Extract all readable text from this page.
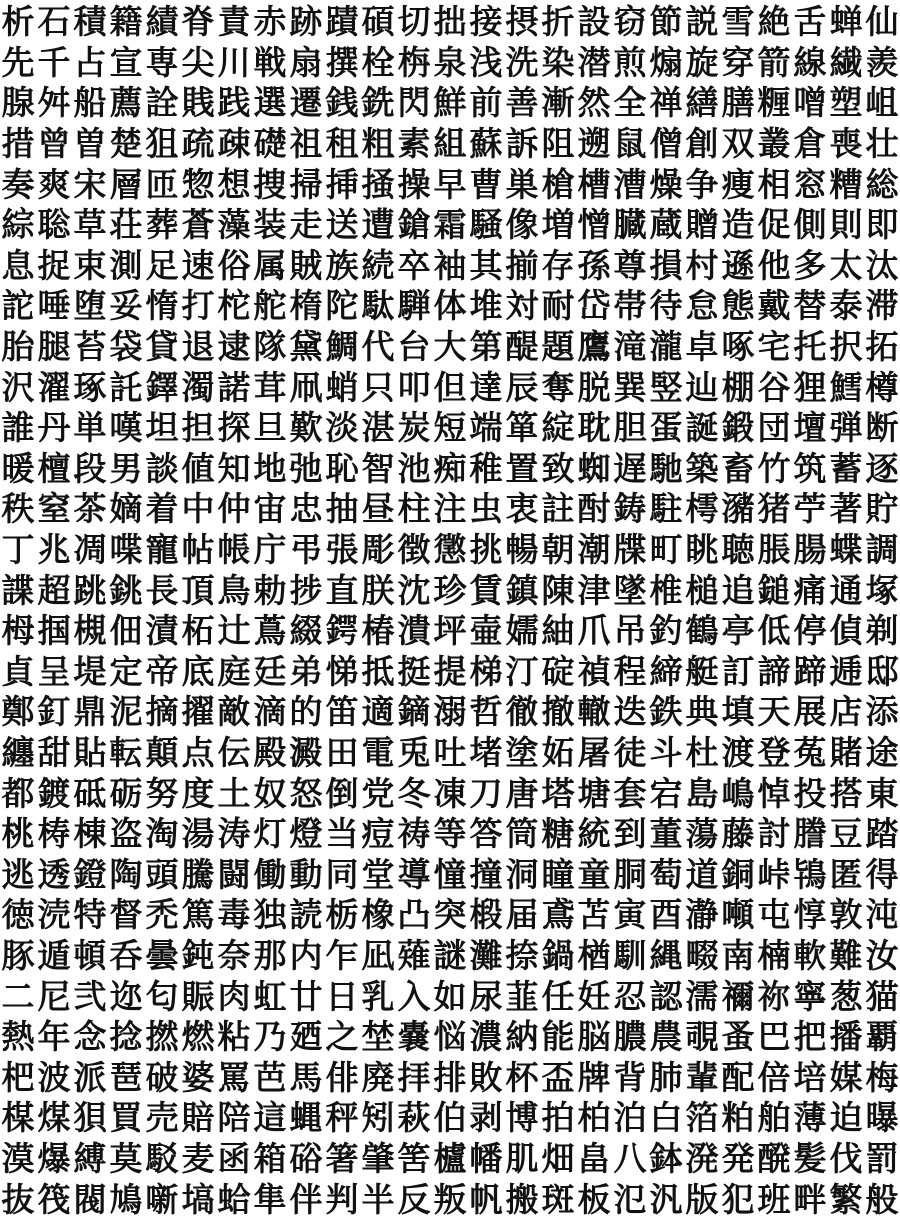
析 石 積 籍 績 脊 責 赤 跡 蹟 碩 切 拙 接 摂 折 設 窃 節 説 雪 絶 舌 蝉 仙
先 千 占 宣 専 尖 川 戦 扇 撰 栓 栴 泉 浅 洗 染 潜 煎 煽 旋 穿 箭 線 繊 羨
腺 舛 船 薦 詮 賎 践 選 遷 銭 銑 閃 鮮 前 善 漸 然 全 禅 繕 膳 糎 噌 塑 岨
措 曾 曽 楚 狙 疏 疎 礎 祖 租 粗 素 組 蘇 訴 阻 遡 鼠 僧 創 双 叢 倉 喪 壮
奏 爽 宋 層 匝 惣 想 捜 掃 挿 掻 操 早 曹 巣 槍 槽 漕 燥 争 痩 相 窓 糟 総
綜 聡 草 荘 葬 蒼 藻 装 走 送 遭 鎗 霜 騒 像 増 憎 臓 蔵 贈 造 促 側 則 即
息 捉 束 測 足 速 俗 属 賊 族 続 卒 袖 其 揃 存 孫 尊 損 村 遜 他 多 太 汰
詑 唾 堕 妥 惰 打 柁 舵 楕 陀 駄 騨 体 堆 対 耐 岱 帯 待 怠 態 戴 替 泰 滞
胎 腿 苔 袋 貸 退 逮 隊 黛 鯛 代 台 大 第 醍 題 鷹 滝 瀧 卓 啄 宅 托 択 拓
沢 濯 琢 託 鐸 濁 諾 茸 凧 蛸 只 叩 但 達 辰 奪 脱 巽 竪 辿 棚 谷 狸 鱈 樽
誰 丹 単 嘆 坦 担 探 旦 歎 淡 湛 炭 短 端 箪 綻 耽 胆 蛋 誕 鍛 団 壇 弾 断
暖 檀 段 男 談 値 知 地 弛 恥 智 池 痴 稚 置 致 蜘 遅 馳 築 畜 竹 筑 蓄 逐
秩 窒 茶 嫡 着 中 仲 宙 忠 抽 昼 柱 注 虫 衷 註 酎 鋳 駐 樗 瀦 猪 苧 著 貯
丁 兆 凋 喋 寵 帖 帳 庁 弔 張 彫 徴 懲 挑 暢 朝 潮 牒 町 眺 聴 脹 腸 蝶 調
諜 超 跳 銚 長 頂 鳥 勅 捗 直 朕 沈 珍 賃 鎮 陳 津 墜 椎 槌 追 鎚 痛 通 塚
栂 掴 槻 佃 漬 柘 辻 蔦 綴 鍔 椿 潰 坪 壷 嬬 紬 爪 吊 釣 鶴 亭 低 停 偵 剃
貞 呈 堤 定 帝 底 庭 廷 弟 悌 抵 挺 提 梯 汀 碇 禎 程 締 艇 訂 諦 蹄 逓 邸
鄭 釘 鼎 泥 摘 擢 敵 滴 的 笛 適 鏑 溺 哲 徹 撤 轍 迭 鉄 典 填 天 展 店 添
纏 甜 貼 転 顛 点 伝 殿 澱 田 電 兎 吐 堵 塗 妬 屠 徒 斗 杜 渡 登 菟 賭 途
都 鍍 砥 砺 努 度 土 奴 怒 倒 党 冬 凍 刀 唐 塔 塘 套 宕 島 嶋 悼 投 搭 東
桃 梼 棟 盗 淘 湯 涛 灯 燈 当 痘 祷 等 答 筒 糖 統 到 董 蕩 藤 討 謄 豆 踏
逃 透 鐙 陶 頭 騰 闘 働 動 同 堂 導 憧 撞 洞 瞳 童 胴 萄 道 銅 峠 鴇 匿 得
徳 涜 特 督 禿 篤 毒 独 読 栃 橡 凸 突 椴 届 鳶 苫 寅 酉 瀞 噸 屯 惇 敦 沌
豚 遁 頓 呑 曇 鈍 奈 那 内 乍 凪 薙 謎 灘 捺 鍋 楢 馴 縄 畷 南 楠 軟 難 汝
二 尼 弐 迩 匂 賑 肉 虹 廿 日 乳 入 如 尿 韮 任 妊 忍 認 濡 禰 祢 寧 葱 猫
熱 年 念 捻 撚 燃 粘 乃 廼 之 埜 嚢 悩 濃 納 能 脳 膿 農 覗 蚤 巴 把 播 覇
杷 波 派 琶 破 婆 罵 芭 馬 俳 廃 拝 排 敗 杯 盃 牌 背 肺 輩 配 倍 培 媒 梅
楳 煤 狽 買 売 賠 陪 這 蝿 秤 矧 萩 伯 剥 博 拍 柏 泊 白 箔 粕 舶 薄 迫 曝
漠 爆 縛 莫 駁 麦 函 箱 硲 箸 肇 筈 櫨 幡 肌 畑 畠 八 鉢 溌 発 醗 髪 伐 罰
抜 筏 閥 鳩 噺 塙 蛤 隼 伴 判 半 反 叛 帆 搬 斑 板 氾 汎 版 犯 班 畔 繁 般
